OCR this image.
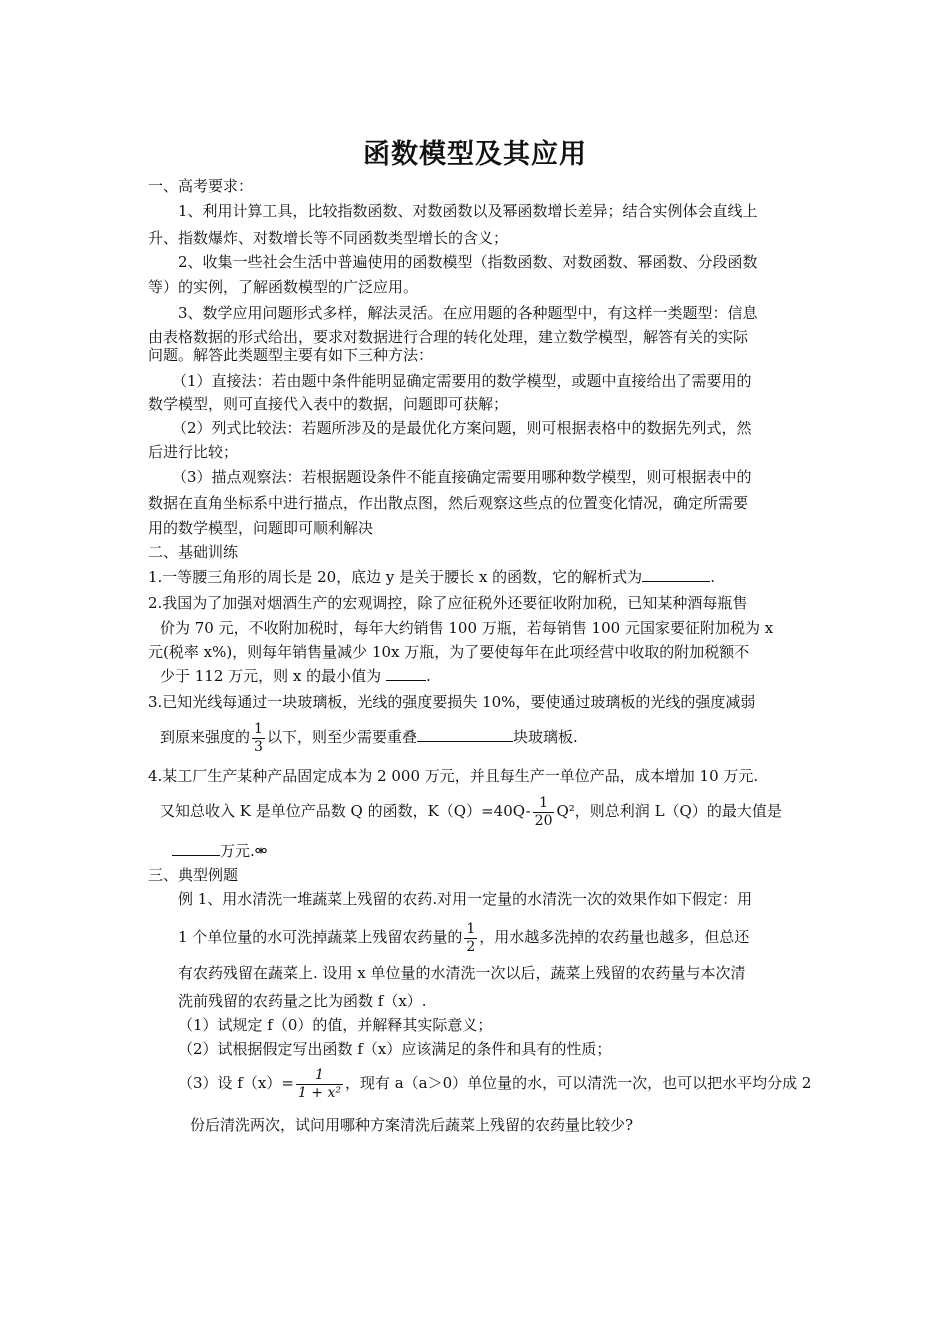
函数模型及其应用
一、高考要求：
1、利用计算工具，比较指数函数、对数函数以及幂函数增长差异；结合实例体会直线上
升、指数爆炸、对数增长等不同函数类型增长的含义；
2、收集一些社会生活中普遍使用的函数模型（指数函数、对数函数、幂函数、分段函数
等）的实例，了解函数模型的广泛应用。
3、数学应用问题形式多样，解法灵活。在应用题的各种题型中，有这样一类题型：信息
由表格数据的形式给出，要求对数据进行合理的转化处理，建立数学模型，解答有关的实际
问题。解答此类题型主要有如下三种方法：
（1）直接法：若由题中条件能明显确定需要用的数学模型，或题中直接给出了需要用的
数学模型，则可直接代入表中的数据，问题即可获解；
（2）列式比较法：若题所涉及的是最优化方案问题，则可根据表格中的数据先列式，然
后进行比较；
（3）描点观察法：若根据题设条件不能直接确定需要用哪种数学模型，则可根据表中的
数据在直角坐标系中进行描点，作出散点图，然后观察这些点的位置变化情况，确定所需要
用的数学模型，问题即可顺利解决
二、基础训练
1.一等腰三角形的周长是 20，底边 y 是关于腰长 x 的函数，它的解析式为	.
2.我国为了加强对烟酒生产的宏观调控，除了应征税外还要征收附加税，已知某种酒每瓶售
价为 70 元，不收附加税时，每年大约销售 100 万瓶，若每销售 100 元国家要征附加税为 x
元(税率 x%)，则每年销售量减少 10x 万瓶，为了要使每年在此项经营中收取的附加税额不
少于 112 万元，则 x 的最小值为	.
3.已知光线每通过一块玻璃板，光线的强度要损失 10%，要使通过玻璃板的光线的强度减弱
到原来强度的 $\frac{1}{3}$ 以下，则至少需要重叠	块玻璃板.
4.某工厂生产某种产品固定成本为 2 000 万元，并且每生产一单位产品，成本增加 10 万元.
又知总收入 K 是单位产品数 Q 的函数，$K(Q)=40Q- \frac{1}{20} Q^2$，则总利润 L（Q）的最大值是
万元.⚮
三、典型例题
例 1、用水清洗一堆蔬菜上残留的农药.对用一定量的水清洗一次的效果作如下假定：用
1 个单位量的水可洗掉蔬菜上残留农药量的 $\frac{1}{2}$ ，用水越多洗掉的农药量也越多，但总还
有农药残留在蔬菜上. 设用 x 单位量的水清洗一次以后，蔬菜上残留的农药量与本次清
洗前残留的农药量之比为函数 f（x）.
（1）试规定 f（0）的值，并解释其实际意义；
（2）试根据假定写出函数 f（x）应该满足的条件和具有的性质；
（3）设 $f(x)= \frac{1}{\text{1 + x²}}$ ，现有 a（a＞0）单位量的水，可以清洗一次，也可以把水平均分成 2
份后清洗两次，试问用哪种方案清洗后蔬菜上残留的农药量比较少?
